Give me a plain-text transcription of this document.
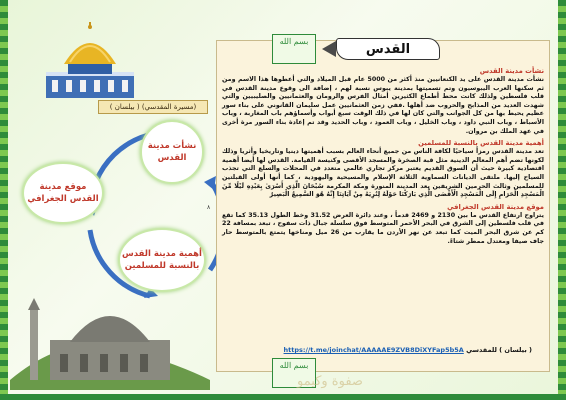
(مسيرة المقدسي) ( بيلسان )
نشأت مدينة القدس
موقع مدينة القدس الجغرافي
أهمية مدينة القدس بالنسبة للمسلمين
بسم الله	القدس
نشأت مدينة القدس
نشأت مدينة القدس على يد الكنعانيين منذ أكثر من 5000 عام قبل الميلاد والتي أعطوها هذا الاسم ومن ثم سكنها العرب اليبوسيون وتم تسميتها بمدينة يبوس نسبة لهم ، إضافة الى وقوع مدينة القدس في قلب فلسطين ولذلك كانت محط أطماع الكثيرين أمثال الفرس والرومان والعثمانيين والصليبيين والتي شهدت العديد من المذابح والحروب ضد أهلها .ففي زمن العثمانيين عمل سليمان القانوني على بناء سور عظيم يحيط بها من كل الجوانب والتي كان لها في ذلك الوقت سبع أبواب وأسماؤهم باب المغاربة ، وباب الأسباط ، وباب النبي داود ، وباب الخليل ، وباب العمود ، وباب الحديد وقد تم إعادة بناء السور مرة أخرى في عهد الملك بن مروان.
أهمية مدينة القدس بالنسبة للمسلمين
تعد مدينة القدس رمزاً سياحيًا لكافة الناس من جميع أنحاء العالم بسبب أهميتها دينيا وتاريخيا وأثريا وذلك لكونها تضم أهم المعالم الدينية مثل قبة الصخرة والمسجد الأقصى وكنيسة القيامة. القدس لها أيضا أهمية اقتصادية كبيرة حيث أن السوق القديم يعتبر مركز تجاري عالمي متعدد في المحلات والسلع التي تجذب السياح إليها. ملتقى الديانات السماوية الثلاثة الإسلام والمسيحية واليهودية ، كما أنها أولى القبلتين للمسلمين وثالث الحرمين الشريفين بعد المدينة المنورة ومكة المكرمة سُبْحَانَ الَّذِي أَسْرَىٰ بِعَبْدِهِ لَيْلًا مِّنَ الْمَسْجِدِ الْحَرَامِ إِلَى الْمَسْجِدِ الْأَقْصَى الَّذِي بَارَكْنَا حَوْلَهُ لِنُرِيَهُ مِنْ آيَاتِنَا إِنَّهُ هُوَ السَّمِيعُ الْبَصِيرُ
موقع مدينة القدس الجغرافي
يتراوح ارتفاع القدس ما بين 2130 و 2469 قدماً ، وعند دائرة العرض 31.52 وخط الطول 35.13 كما تقع في قلب فلسطين إلى الشرق في البحر الأحمر المتوسط فوق سلسلة جبال ذات سفوح ، تبعد بمسافة 22 كم عن شرق البحر الميت كما تبعد عن نهر الأردن ما يقارب من 26 ميل ومناخها يتمتع بالمتوسط حار جاف صيفا ومعتدل ممطر شتاءً.
( بيلسان ) للمقدسي https://t.me/joinchat/AAAAAE9ZVB8DiXYFap5b5A
بسم الله
صفوة وكيمو
٨
